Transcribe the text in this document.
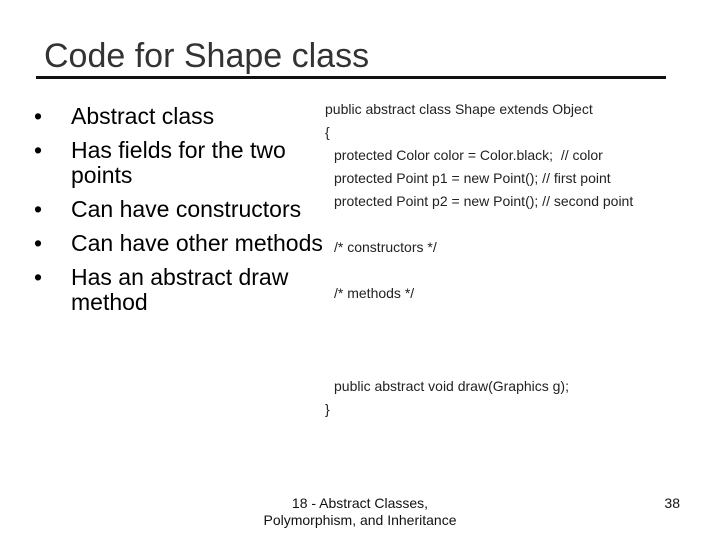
Code for Shape class
• Abstract class
• Has fields for the two points
• Can have constructors
• Can have other methods
• Has an abstract draw method
public abstract class Shape extends Object
{
protected Color color = Color.black;  // color
protected Point p1 = new Point(); // first point
protected Point p2 = new Point(); // second point
/* constructors */
/* methods */
public abstract void draw(Graphics g);
}
18 - Abstract Classes,
Polymorphism, and Inheritance
38
